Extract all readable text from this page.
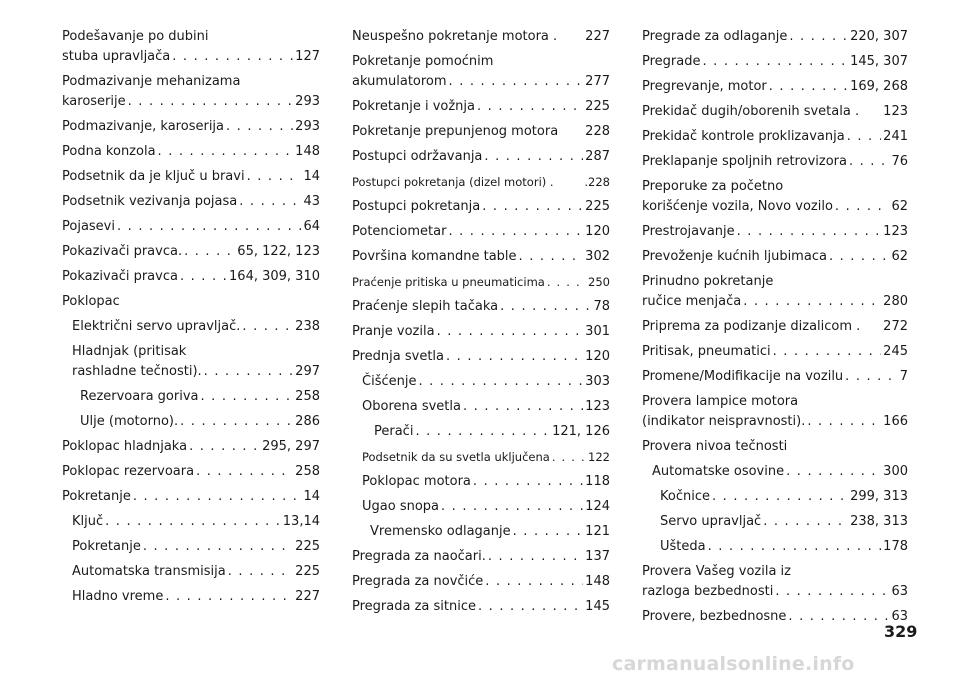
Podešavanje po dubini
stuba upravljača . . .	127
Podmazivanje mehanizama
karoserije . . .	293
Podmazivanje, karoserija . . .	293
Podna konzola . . .	148
Podsetnik da je ključ u bravi . . .	14
Podsetnik vezivanja pojasa . . .	43
Pojasevi . . .	64
Pokazivači pravca. . . .	65, 122, 123
Pokazivači pravca . . .	164, 309, 310
Poklopac
Električni servo upravljač. . . .	238
Hladnjak (pritisak
rashladne tečnosti). . . .	297
Rezervoara goriva . . .	258
Ulje (motorno). . . .	286
Poklopac hladnjaka . . .	295, 297
Poklopac rezervoara . . .	258
Pokretanje . . .	14
Ključ . . .	13,14
Pokretanje . . .	225
Automatska transmisija . . .	225
Hladno vreme . . .	227
Neuspešno pokretanje motora . 227
Pokretanje pomoćnim
akumulatorom . . .	277
Pokretanje i vožnja . . .	225
Pokretanje prepunjenog motora 228
Postupci održavanja . . .	287
Postupci pokretanja (dizel motori) .	.228
Postupci pokretanja . . .	225
Potenciometar . . .	120
Površina komandne table . . .	302
Praćenje pritiska u pneumaticima . . .	250
Praćenje slepih tačaka . . .	78
Pranje vozila . . .	301
Prednja svetla . . .	120
Čišćenje . . .	303
Oborena svetla . . .	123
Perači . . .	121, 126
Podsetnik da su svetla uključena . . .	122
Poklopac motora . . .	118
Ugao snopa . . .	124
Vremensko odlaganje . . .	121
Pregrada za naočari. . . .	137
Pregrada za novčiće . . .	148
Pregrada za sitnice . . .	145
Pregrade za odlaganje . . .	220, 307
Pregrade . . .	145, 307
Pregrevanje, motor . . .	169, 268
Prekidač dugih/oborenih svetala . 123
Prekidač kontrole proklizavanja . . .	241
Preklapanje spoljnih retrovizora . . .	76
Preporuke za početno
korišćenje vozila, Novo vozilo . . .	62
Prestrojavanje . . .	123
Prevoženje kućnih ljubimaca . . .	62
Prinudno pokretanje
ručice menjača . . .	280
Priprema za podizanje dizalicom . 272
Pritisak, pneumatici . . .	245
Promene/Modifikacije na vozilu . . .	7
Provera lampice motora
(indikator neispravnosti). . . .	166
Provera nivoa tečnosti
Automatske osovine . . .	300
Kočnice . . .	299, 313
Servo upravljač . . .	238, 313
Ušteda . . .	178
Provera Vašeg vozila iz
razloga bezbednosti . . .	63
Provere, bezbednosne . . .	63
329
carmanualsonline.info
